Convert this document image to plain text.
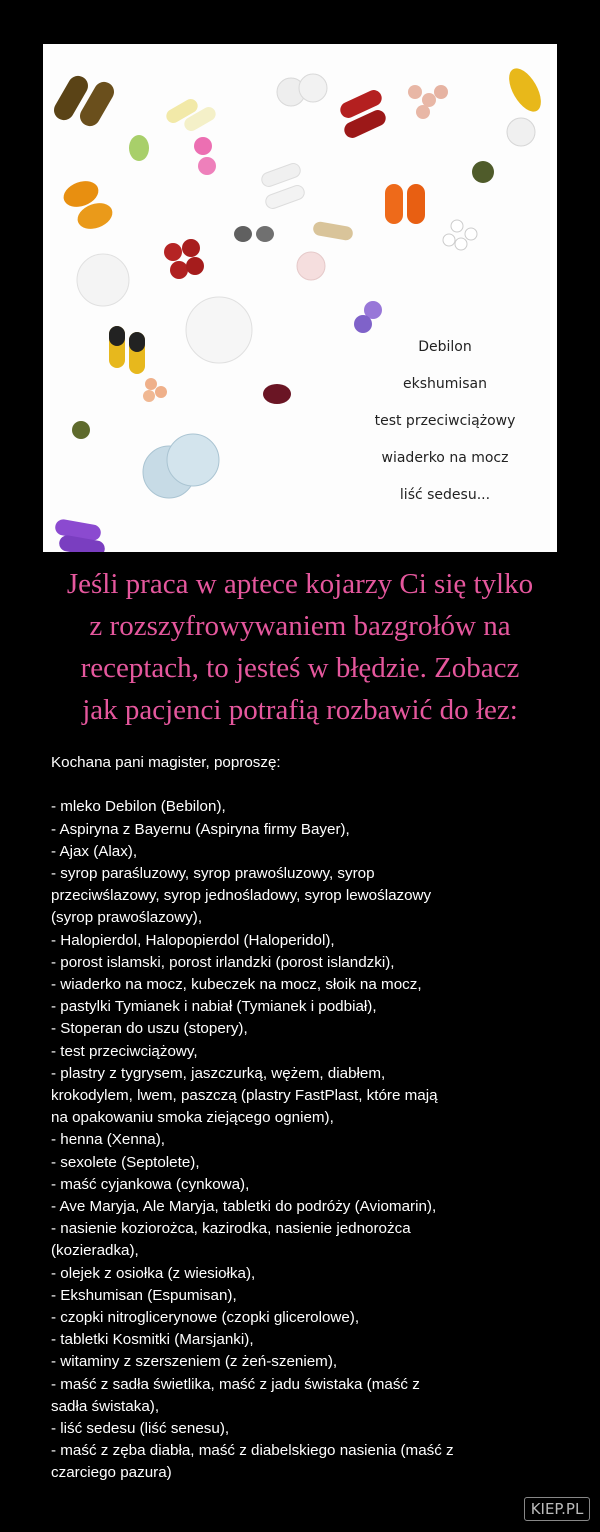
Debilon
ekshumisan
test przeciwciążowy
wiaderko na mocz
liść sedesu...
Jeśli praca w aptece kojarzy Ci się tylko
z rozszyfrowywaniem bazgrołów na
receptach, to jesteś w błędzie. Zobacz
jak pacjenci potrafią rozbawić do łez:
Kochana pani magister, poproszę:
- mleko Debilon (Bebilon),
- Aspiryna z Bayernu (Aspiryna firmy Bayer),
- Ajax (Alax),
- syrop paraśluzowy, syrop prawośluzowy, syrop
przeciwślazowy, syrop jednośladowy, syrop lewoślazowy
(syrop prawoślazowy),
- Halopierdol, Halopopierdol (Haloperidol),
- porost islamski, porost irlandzki (porost islandzki),
- wiaderko na mocz, kubeczek na mocz, słoik na mocz,
- pastylki Tymianek i nabiał (Tymianek i podbiał),
- Stoperan do uszu (stopery),
- test przeciwciążowy,
- plastry z tygrysem, jaszczurką, wężem, diabłem,
krokodylem, lwem, paszczą (plastry FastPlast, które mają
na opakowaniu smoka ziejącego ogniem),
- henna (Xenna),
- sexolete (Septolete),
- maść cyjankowa (cynkowa),
- Ave Maryja, Ale Maryja, tabletki do podróży (Aviomarin),
- nasienie koziorożca, kazirodka, nasienie jednorożca
(kozieradka),
- olejek z osiołka (z wiesiołka),
- Ekshumisan (Espumisan),
- czopki nitroglicerynowe (czopki glicerolowe),
- tabletki Kosmitki (Marsjanki),
- witaminy z szerszeniem (z żeń-szeniem),
- maść z sadła świetlika, maść z jadu świstaka (maść z
sadła świstaka),
- liść sedesu (liść senesu),
- maść z zęba diabła, maść z diabelskiego nasienia (maść z
czarciego pazura)
KIEP.PL
